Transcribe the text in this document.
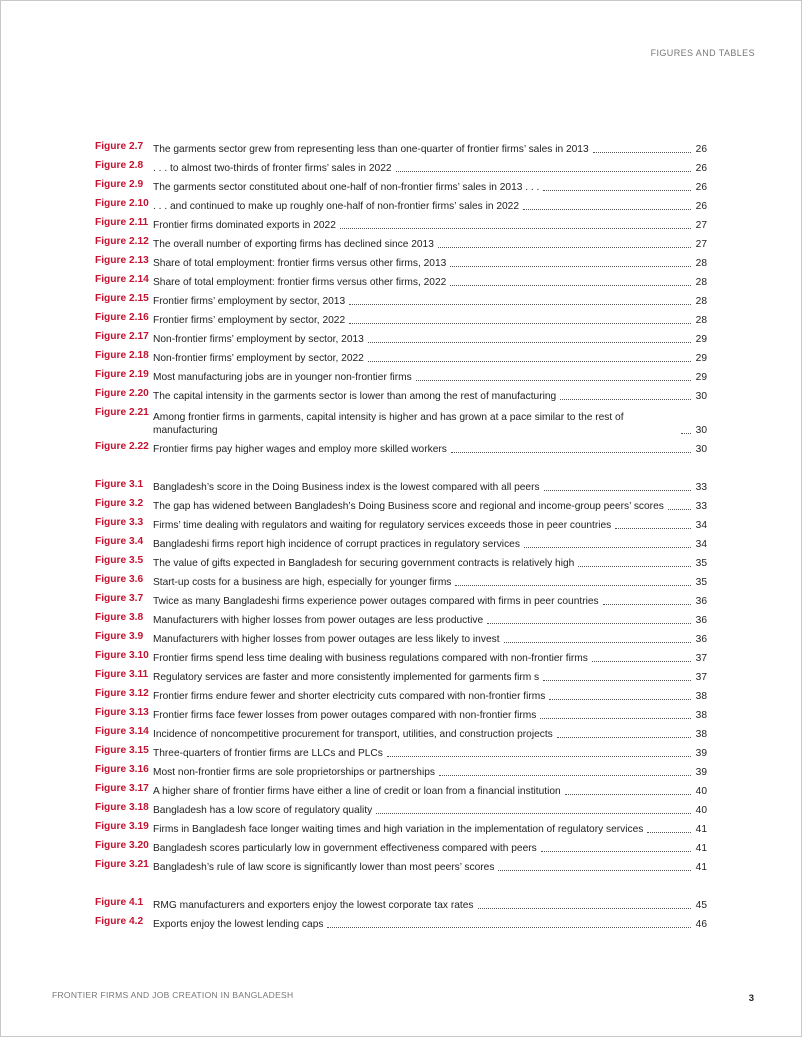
FIGURES AND TABLES
Figure 2.7 The garments sector grew from representing less than one-quarter of frontier firms’ sales in 2013	26
Figure 2.8 . . . to almost two-thirds of fronter firms’ sales in 2022	26
Figure 2.9 The garments sector constituted about one-half of non-frontier firms’ sales in 2013 . . .	26
Figure 2.10 . . . and continued to make up roughly one-half of non-frontier firms’ sales in 2022	26
Figure 2.11 Frontier firms dominated exports in 2022	27
Figure 2.12 The overall number of exporting firms has declined since 2013	27
Figure 2.13 Share of total employment: frontier firms versus other firms, 2013	28
Figure 2.14 Share of total employment: frontier firms versus other firms, 2022	28
Figure 2.15 Frontier firms’ employment by sector, 2013	28
Figure 2.16 Frontier firms’ employment by sector, 2022	28
Figure 2.17 Non-frontier firms’ employment by sector, 2013	29
Figure 2.18 Non-frontier firms’ employment by sector, 2022	29
Figure 2.19 Most manufacturing jobs are in younger non-frontier firms	29
Figure 2.20 The capital intensity in the garments sector is lower than among the rest of manufacturing	30
Figure 2.21 Among frontier firms in garments, capital intensity is higher and has grown at a pace similar to the rest of manufacturing	30
Figure 2.22 Frontier firms pay higher wages and employ more skilled workers	30
Figure 3.1 Bangladesh’s score in the Doing Business index is the lowest compared with all peers	33
Figure 3.2 The gap has widened between Bangladesh’s Doing Business score and regional and income-group peers’ scores	33
Figure 3.3 Firms’ time dealing with regulators and waiting for regulatory services exceeds those in peer countries	34
Figure 3.4 Bangladeshi firms report high incidence of corrupt practices in regulatory services	34
Figure 3.5 The value of gifts expected in Bangladesh for securing government contracts is relatively high	35
Figure 3.6 Start-up costs for a business are high, especially for younger firms	35
Figure 3.7 Twice as many Bangladeshi firms experience power outages compared with firms in peer countries	36
Figure 3.8 Manufacturers with higher losses from power outages are less productive	36
Figure 3.9 Manufacturers with higher losses from power outages are less likely to invest	36
Figure 3.10 Frontier firms spend less time dealing with business regulations compared with non-frontier firms	37
Figure 3.11 Regulatory services are faster and more consistently implemented for garments firm s	37
Figure 3.12 Frontier firms endure fewer and shorter electricity cuts compared with non-frontier firms	38
Figure 3.13 Frontier firms face fewer losses from power outages compared with non-frontier firms	38
Figure 3.14 Incidence of noncompetitive procurement for transport, utilities, and construction projects	38
Figure 3.15 Three-quarters of frontier firms are LLCs and PLCs	39
Figure 3.16 Most non-frontier firms are sole proprietorships or partnerships	39
Figure 3.17 A higher share of frontier firms have either a line of credit or loan from a financial institution	40
Figure 3.18 Bangladesh has a low score of regulatory quality	40
Figure 3.19 Firms in Bangladesh face longer waiting times and high variation in the implementation of regulatory services	41
Figure 3.20 Bangladesh scores particularly low in government effectiveness compared with peers	41
Figure 3.21 Bangladesh’s rule of law score is significantly lower than most peers’ scores	41
Figure 4.1 RMG manufacturers and exporters enjoy the lowest corporate tax rates	45
Figure 4.2 Exports enjoy the lowest lending caps	46
FRONTIER FIRMS AND JOB CREATION IN BANGLADESH	3
